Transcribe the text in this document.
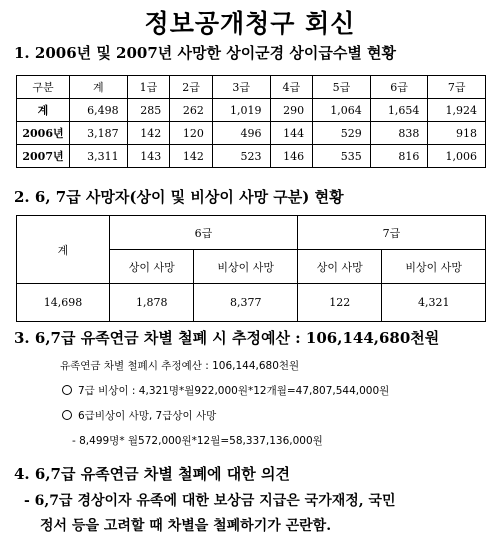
정보공개청구 회신
1. 2006년 및 2007년 사망한 상이군경 상이급수별 현황
구분	계	1급	2급	3급	4급	5급	6급	7급
계	6,498	285	262	1,019	290	1,064	1,654	1,924
2006년	3,187	142	120	496	144	529	838	918
2007년	3,311	143	142	523	146	535	816	1,006
2. 6, 7급 사망자(상이 및 비상이 사망 구분) 현황
계	6급		7급	
	상이 사망	비상이 사망	상이 사망	비상이 사망
14,698	1,878	8,377	122	4,321
3. 6,7급 유족연금 차별 철폐 시 추정예산 : 106,144,680천원
유족연금 차별 철폐시 추정예산 : 106,144,680천원
7급 비상이 : 4,321명*월922,000원*12개월=47,807,544,000원
6급비상이 사망, 7급상이 사망
- 8,499명* 월572,000원*12월=58,337,136,000원
4. 6,7급 유족연금 차별 철폐에 대한 의견
- 6,7급 경상이자 유족에 대한 보상금 지급은 국가재정, 국민
정서 등을 고려할 때 차별을 철폐하기가 곤란함.
